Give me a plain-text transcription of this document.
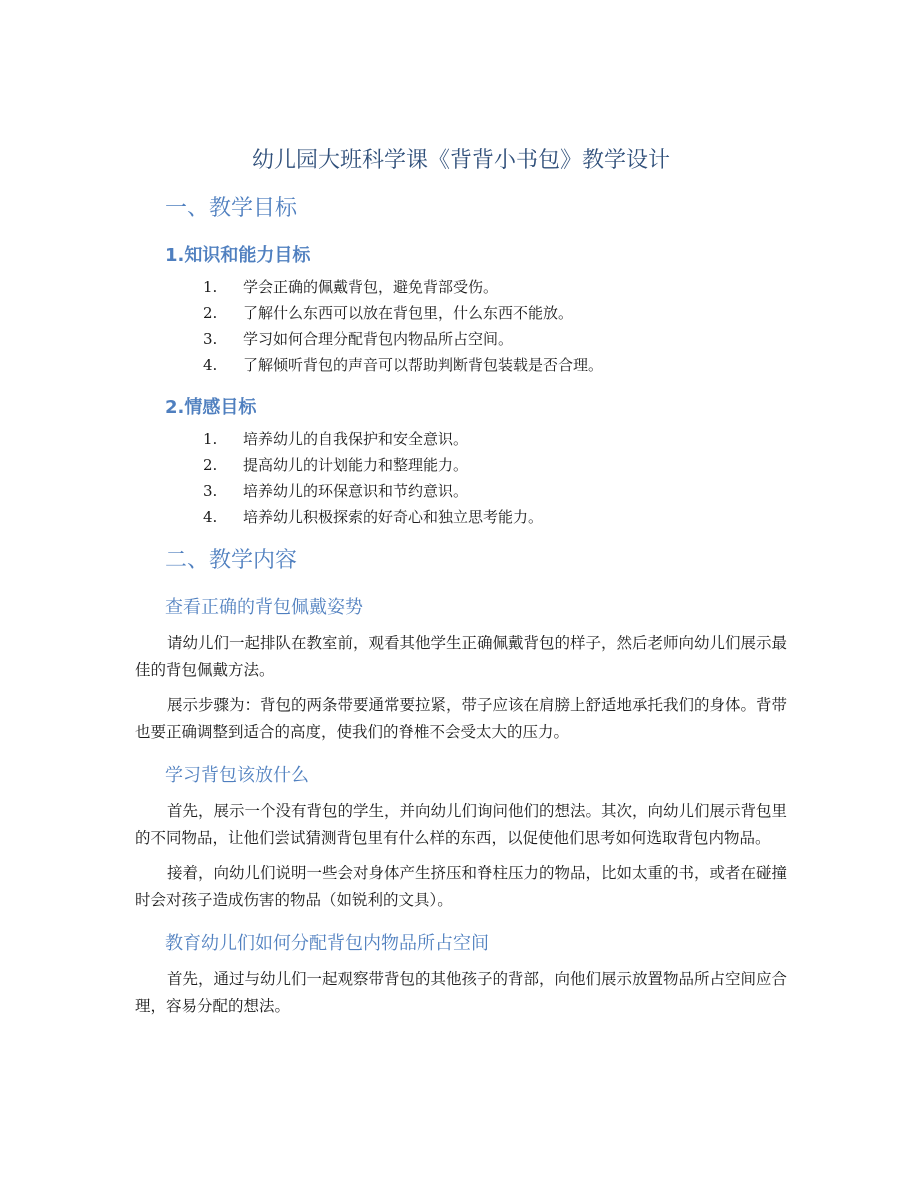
幼儿园大班科学课《背背小书包》教学设计
一、教学目标
1.知识和能力目标
1.	学会正确的佩戴背包，避免背部受伤。
2.	了解什么东西可以放在背包里，什么东西不能放。
3.	学习如何合理分配背包内物品所占空间。
4.	了解倾听背包的声音可以帮助判断背包装载是否合理。
2.情感目标
1.	培养幼儿的自我保护和安全意识。
2.	提高幼儿的计划能力和整理能力。
3.	培养幼儿的环保意识和节约意识。
4.	培养幼儿积极探索的好奇心和独立思考能力。
二、教学内容
查看正确的背包佩戴姿势

请幼儿们一起排队在教室前，观看其他学生正确佩戴背包的样子，然后老师向幼儿们展示最佳的背包佩戴方法。

展示步骤为：背包的两条带要通常要拉紧，带子应该在肩膀上舒适地承托我们的身体。背带也要正确调整到适合的高度，使我们的脊椎不会受太大的压力。

学习背包该放什么

首先，展示一个没有背包的学生，并向幼儿们询问他们的想法。其次，向幼儿们展示背包里的不同物品，让他们尝试猜测背包里有什么样的东西，以促使他们思考如何选取背包内物品。

接着，向幼儿们说明一些会对身体产生挤压和脊柱压力的物品，比如太重的书，或者在碰撞时会对孩子造成伤害的物品（如锐利的文具）。

教育幼儿们如何分配背包内物品所占空间

首先，通过与幼儿们一起观察带背包的其他孩子的背部，向他们展示放置物品所占空间应合理，容易分配的想法。
